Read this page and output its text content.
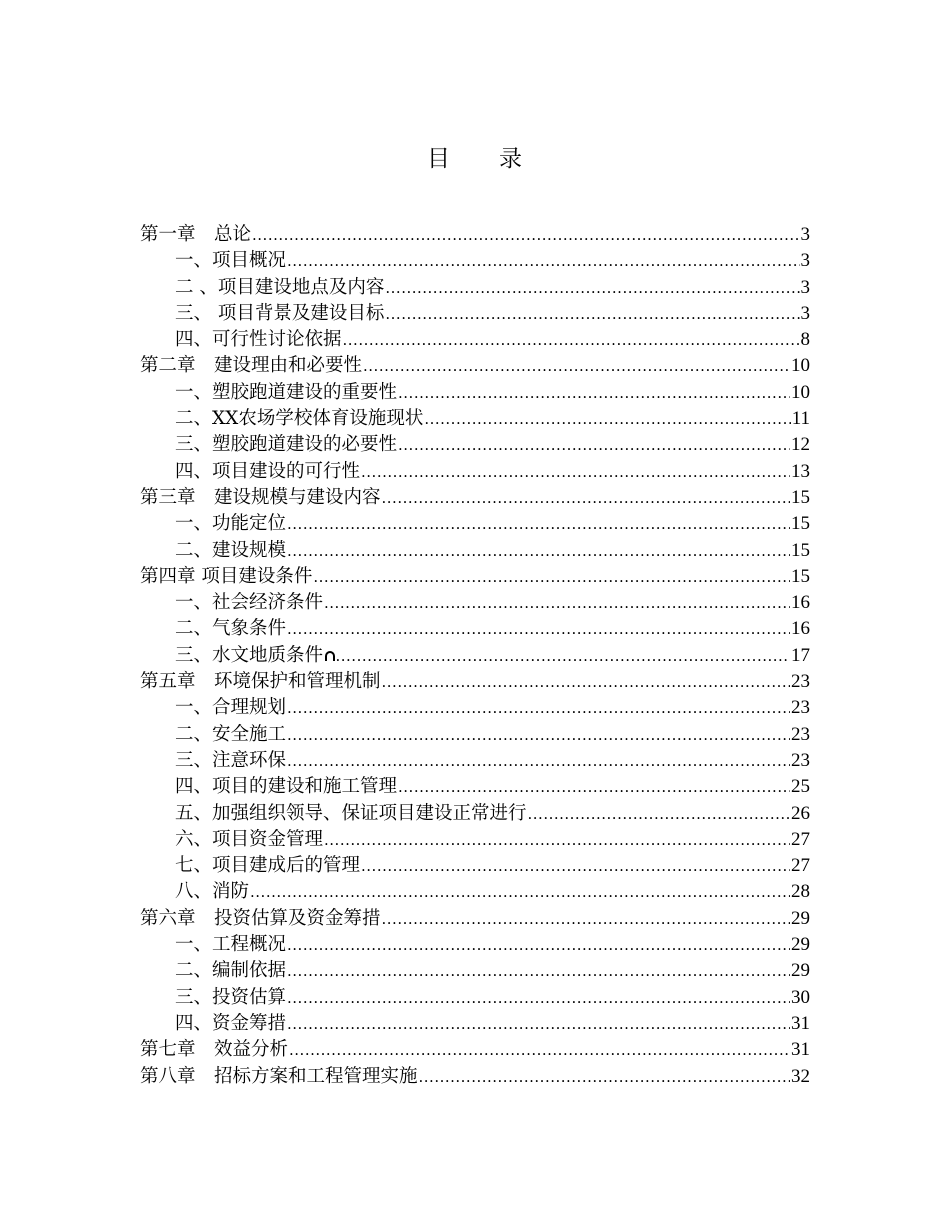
目　　录
第一章　总论 .....	3
一、项目概况 .....	3
二 、项目建设地点及内容 .....	3
三、 项目背景及建设目标 .....	3
四、可行性讨论依据 .....	8
第二章　建设理由和必要性 .....	10
一、塑胶跑道建设的重要性 .....	10
二、XX农场学校体育设施现状 .....	11
三、塑胶跑道建设的必要性 .....	12
四、项目建设的可行性 .....	13
第三章　建设规模与建设内容 .....	15
一、功能定位 .....	15
二、建设规模 .....	15
第四章 项目建设条件 .....	15
一、社会经济条件 .....	16
二、气象条件 .....	16
三、水文地质条件 .....	17
第五章　环境保护和管理机制 .....	23
一、合理规划 .....	23
二、安全施工 .....	23
三、注意环保 .....	23
四、项目的建设和施工管理 .....	25
五、加强组织领导、保证项目建设正常进行 .....	26
六、项目资金管理 .....	27
七、项目建成后的管理 .....	27
八、消防 .....	28
第六章　投资估算及资金筹措 .....	29
一、工程概况 .....	29
二、编制依据 .....	29
三、投资估算 .....	30
四、资金筹措 .....	31
第七章　效益分析 .....	31
第八章　招标方案和工程管理实施 .....	32
